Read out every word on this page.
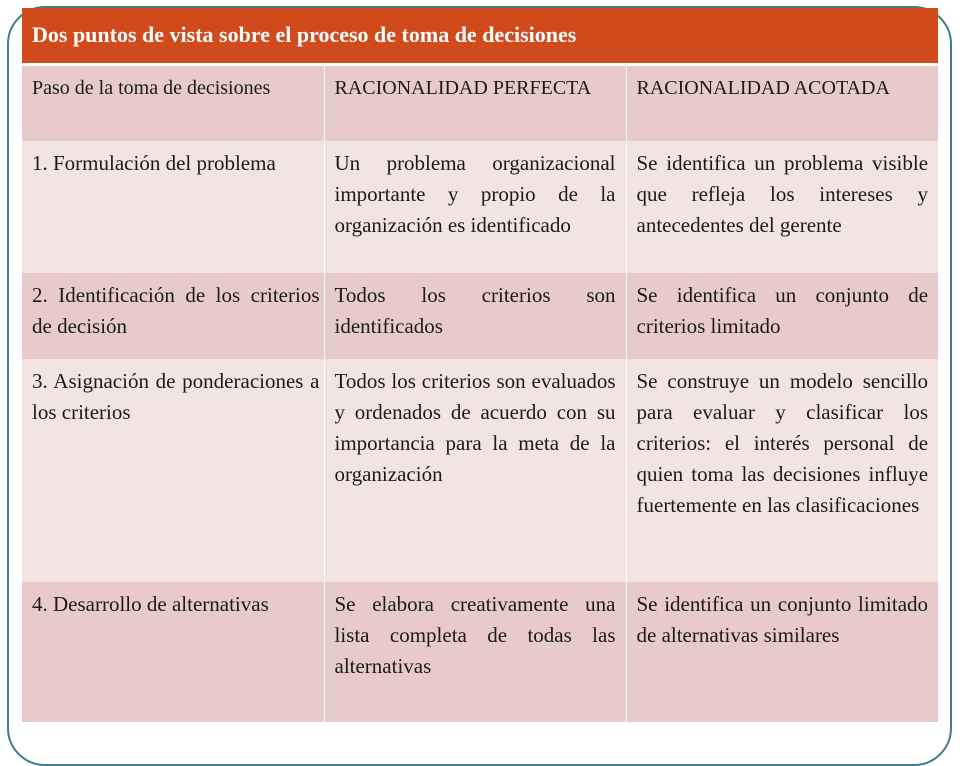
Dos puntos de vista sobre el proceso de toma de decisiones		
Paso de la toma de decisiones	RACIONALIDAD PERFECTA	RACIONALIDAD ACOTADA
1. Formulación del problema	Un problema organizacional importante y propio de la organización es identificado	Se identifica un problema visible que refleja los intereses y antecedentes del gerente
2. Identificación de los criterios de decisión	Todos los criterios son identificados	Se identifica un conjunto de criterios limitado
3. Asignación de ponderaciones a los criterios	Todos los criterios son evaluados y ordenados de acuerdo con su importancia para la meta de la organización	Se construye un modelo sencillo para evaluar y clasificar los criterios: el interés personal de quien toma las decisiones influye fuertemente en las clasificaciones
4. Desarrollo de alternativas	Se elabora creativamente una lista completa de todas las alternativas	Se identifica un conjunto limitado de alternativas similares
